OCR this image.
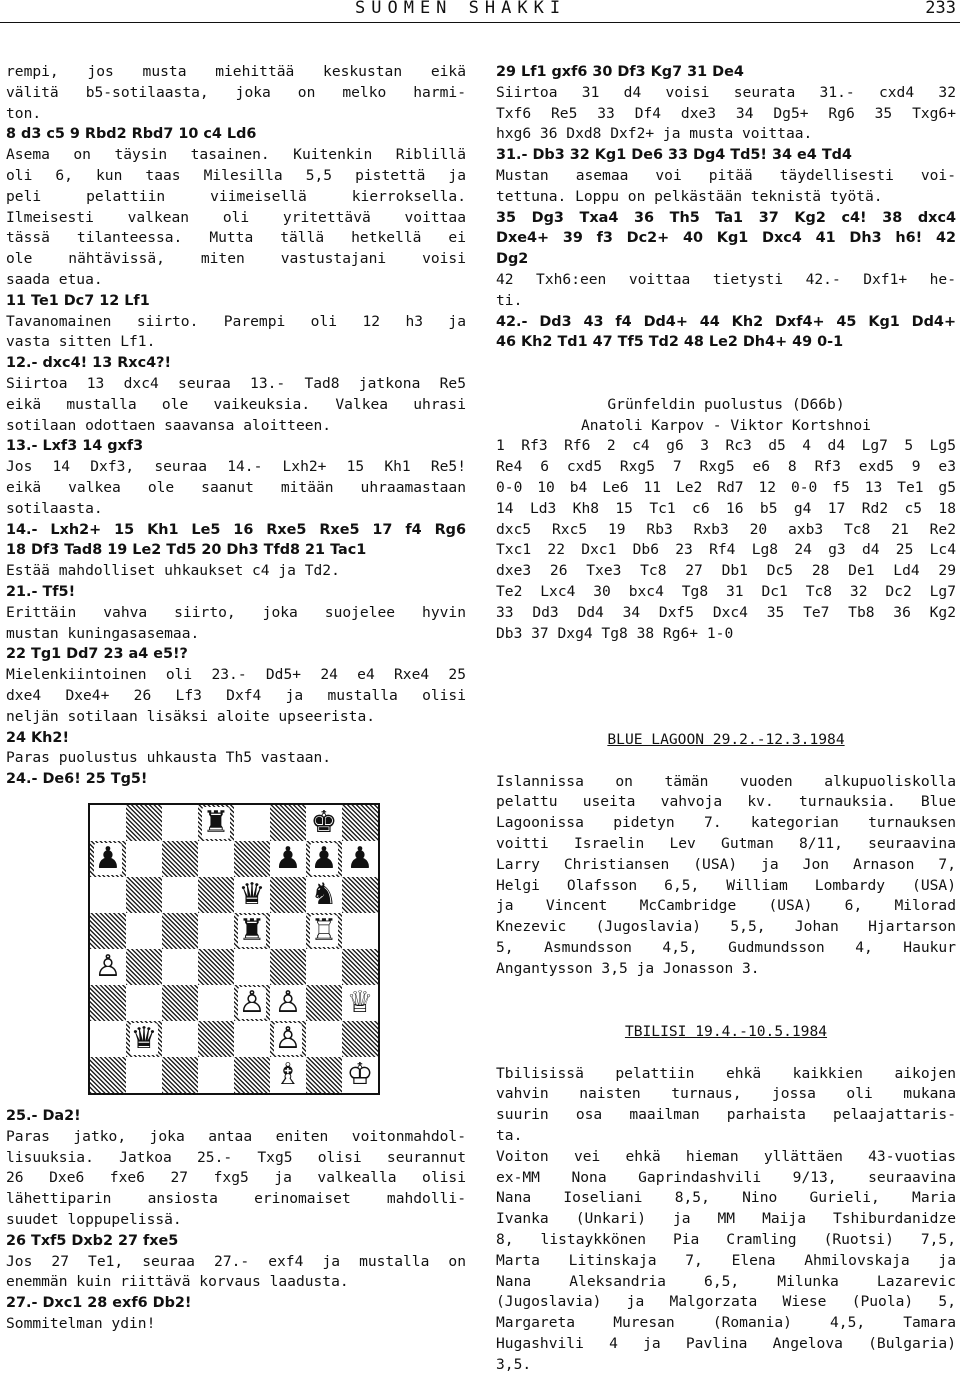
SUOMEN SHAKKI	233

rempi, jos musta miehittää keskustan eikä

välitä b5-sotilaasta, joka on melko harmi-

ton.

8 d3 c5 9 Rbd2 Rbd7 10 c4 Ld6

Asema on täysin tasainen. Kuitenkin Riblillä

oli 6, kun taas Milesilla 5,5 pistettä ja

peli pelattiin viimeisellä kierroksella.

Ilmeisesti valkean oli yritettävä voittaa

tässä tilanteessa. Mutta tällä hetkellä ei

ole nähtävissä, miten vastustajani voisi

saada etua.

11 Te1 Dc7 12 Lf1

Tavanomainen siirto. Parempi oli 12 h3 ja

vasta sitten Lf1.

12.- dxc4! 13 Rxc4?!

Siirtoa 13 dxc4 seuraa 13.- Tad8 jatkona Re5

eikä mustalla ole vaikeuksia. Valkea uhrasi

sotilaan odottaen saavansa aloitteen.

13.- Lxf3 14 gxf3

Jos 14 Dxf3, seuraa 14.- Lxh2+ 15 Kh1 Re5!

eikä valkea ole saanut mitään uhraamastaan

sotilaasta.

14.- Lxh2+ 15 Kh1 Le5 16 Rxe5 Rxe5 17 f4 Rg6

18 Df3 Tad8 19 Le2 Td5 20 Dh3 Tfd8 21 Tac1

Estää mahdolliset uhkaukset c4 ja Td2.

21.- Tf5!

Erittäin vahva siirto, joka suojelee hyvin

mustan kuningasasemaa.

22 Tg1 Dd7 23 a4 e5!?

Mielenkiintoinen oli 23.- Dd5+ 24 e4 Rxe4 25

dxe4 Dxe4+ 26 Lf3 Dxf4 ja mustalla olisi

neljän sotilaan lisäksi aloite upseerista.

24 Kh2!

Paras puolustus uhkausta Th5 vastaan.

24.- De6! 25 Tg5!

♜	♚
♟	♟ ♟ ♟
♛ ♞
♜ ♖
♙
♙ ♙ ♕
♛	♙
♗ ♔

25.- Da2!

Paras jatko, joka antaa eniten voitonmahdol-

lisuuksia. Jatkoa 25.- Txg5 olisi seurannut

26 Dxe6 fxe6 27 fxg5 ja valkealla olisi

lähettiparin ansiosta erinomaiset mahdolli-

suudet loppupelissä.

26 Txf5 Dxb2 27 fxe5

Jos 27 Te1, seuraa 27.- exf4 ja mustalla on

enemmän kuin riittävä korvaus laadusta.

27.- Dxc1 28 exf6 Db2!

Sommitelman ydin!

29 Lf1 gxf6 30 Df3 Kg7 31 De4

Siirtoa 31 d4 voisi seurata 31.- cxd4 32

Txf6 Re5 33 Df4 dxe3 34 Dg5+ Rg6 35 Txg6+

hxg6 36 Dxd8 Dxf2+ ja musta voittaa.

31.- Db3 32 Kg1 De6 33 Dg4 Td5! 34 e4 Td4

Mustan asemaa voi pitää täydellisesti voi-

tettuna. Loppu on pelkästään teknistä työtä.

35 Dg3 Txa4 36 Th5 Ta1 37 Kg2 c4! 38 dxc4

Dxe4+ 39 f3 Dc2+ 40 Kg1 Dxc4 41 Dh3 h6! 42

Dg2

42 Txh6:een voittaa tietysti 42.- Dxf1+ he-

ti.

42.- Dd3 43 f4 Dd4+ 44 Kh2 Dxf4+ 45 Kg1 Dd4+

46 Kh2 Td1 47 Tf5 Td2 48 Le2 Dh4+ 49 0-1

Grünfeldin puolustus (D66b)

Anatoli Karpov - Viktor Kortshnoi

1 Rf3 Rf6 2 c4 g6 3 Rc3 d5 4 d4 Lg7 5 Lg5

Re4 6 cxd5 Rxg5 7 Rxg5 e6 8 Rf3 exd5 9 e3

0-0 10 b4 Le6 11 Le2 Rd7 12 0-0 f5 13 Te1 g5

14 Ld3 Kh8 15 Tc1 c6 16 b5 g4 17 Rd2 c5 18

dxc5 Rxc5 19 Rb3 Rxb3 20 axb3 Tc8 21 Re2

Txc1 22 Dxc1 Db6 23 Rf4 Lg8 24 g3 d4 25 Lc4

dxe3 26 Txe3 Tc8 27 Db1 Dc5 28 De1 Ld4 29

Te2 Lxc4 30 bxc4 Tg8 31 Dc1 Tc8 32 Dc2 Lg7

33 Dd3 Dd4 34 Dxf5 Dxc4 35 Te7 Tb8 36 Kg2

Db3 37 Dxg4 Tg8 38 Rg6+ 1-0

BLUE LAGOON 29.2.-12.3.1984

Islannissa on tämän vuoden alkupuoliskolla

pelattu useita vahvoja kv. turnauksia. Blue

Lagoonissa pidetyn 7. kategorian turnauksen

voitti Israelin Lev Gutman 8/11, seuraavina

Larry Christiansen (USA) ja Jon Arnason 7,

Helgi Olafsson 6,5, William Lombardy (USA)

ja Vincent McCambridge (USA) 6, Milorad

Knezevic (Jugoslavia) 5,5, Johan Hjartarson

5, Asmundsson 4,5, Gudmundsson 4, Haukur

Angantysson 3,5 ja Jonasson 3.

TBILISI 19.4.-10.5.1984

Tbilisissä pelattiin ehkä kaikkien aikojen

vahvin naisten turnaus, jossa oli mukana

suurin osa maailman parhaista pelaajattaris-

ta.

Voiton vei ehkä hieman yllättäen 43-vuotias

ex-MM Nona Gaprindashvili 9/13, seuraavina

Nana Ioseliani 8,5, Nino Gurieli, Maria

Ivanka (Unkari) ja MM Maija Tshiburdanidze

8, listaykkönen Pia Cramling (Ruotsi) 7,5,

Marta Litinskaja 7, Elena Ahmilovskaja ja

Nana Aleksandria 6,5, Milunka Lazarevic

(Jugoslavia) ja Malgorzata Wiese (Puola) 5,

Margareta Muresan (Romania) 4,5, Tamara

Hugashvili 4 ja Pavlina Angelova (Bulgaria)

3,5.
